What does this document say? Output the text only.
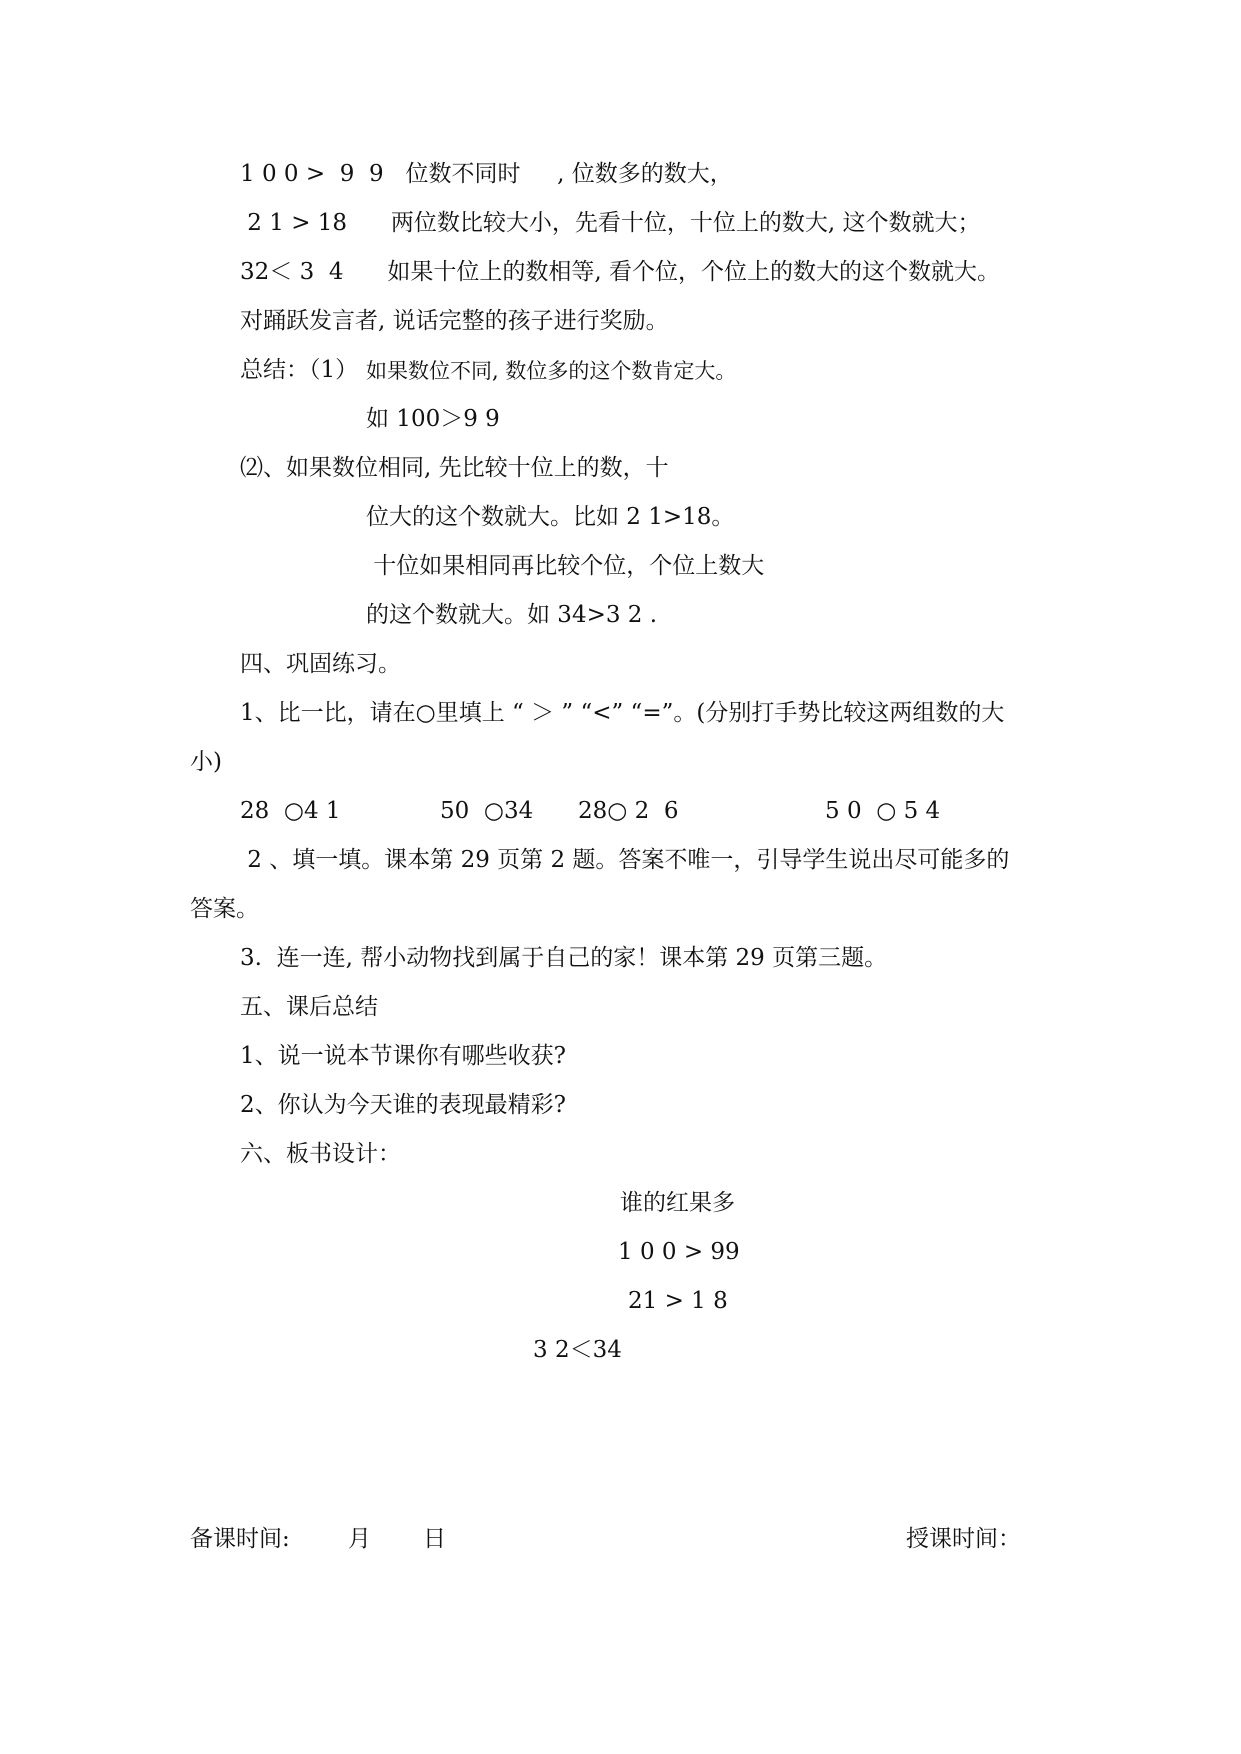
1 0 0 >  9  9   位数不同时     , 位数多的数大，
2 1 > 18      两位数比较大小，先看十位，十位上的数大, 这个数就大；
32＜ 3  4      如果十位上的数相等, 看个位，个位上的数大的这个数就大。
对踊跃发言者, 说话完整的孩子进行奖励。
总结：（1） 如果数位不同, 数位多的这个数肯定大。
如 100＞9 9
⑵、如果数位相同, 先比较十位上的数，十
位大的这个数就大。比如 2 1>18。
十位如果相同再比较个位，个位上数大
的这个数就大。如 34>3 2 .
四、巩固练习。
1、比一比，请在○里填上 “ ＞ ” “<” “=”。(分别打手势比较这两组数的大
小)
28  ○4 1	50  ○34 28○ 2  6	5 0  ○ 5 4
2 、填一填。课本第 29 页第 2 题。答案不唯一，引导学生说出尽可能多的
答案。
3.  连一连, 帮小动物找到属于自己的家！课本第 29 页第三题。
五、课后总结
1、说一说本节课你有哪些收获?
2、你认为今天谁的表现最精彩?
六、板书设计：
谁的红果多
1 0 0 > 99
21 > 1 8
3 2＜34
备课时间:	月 日	授课时间：
